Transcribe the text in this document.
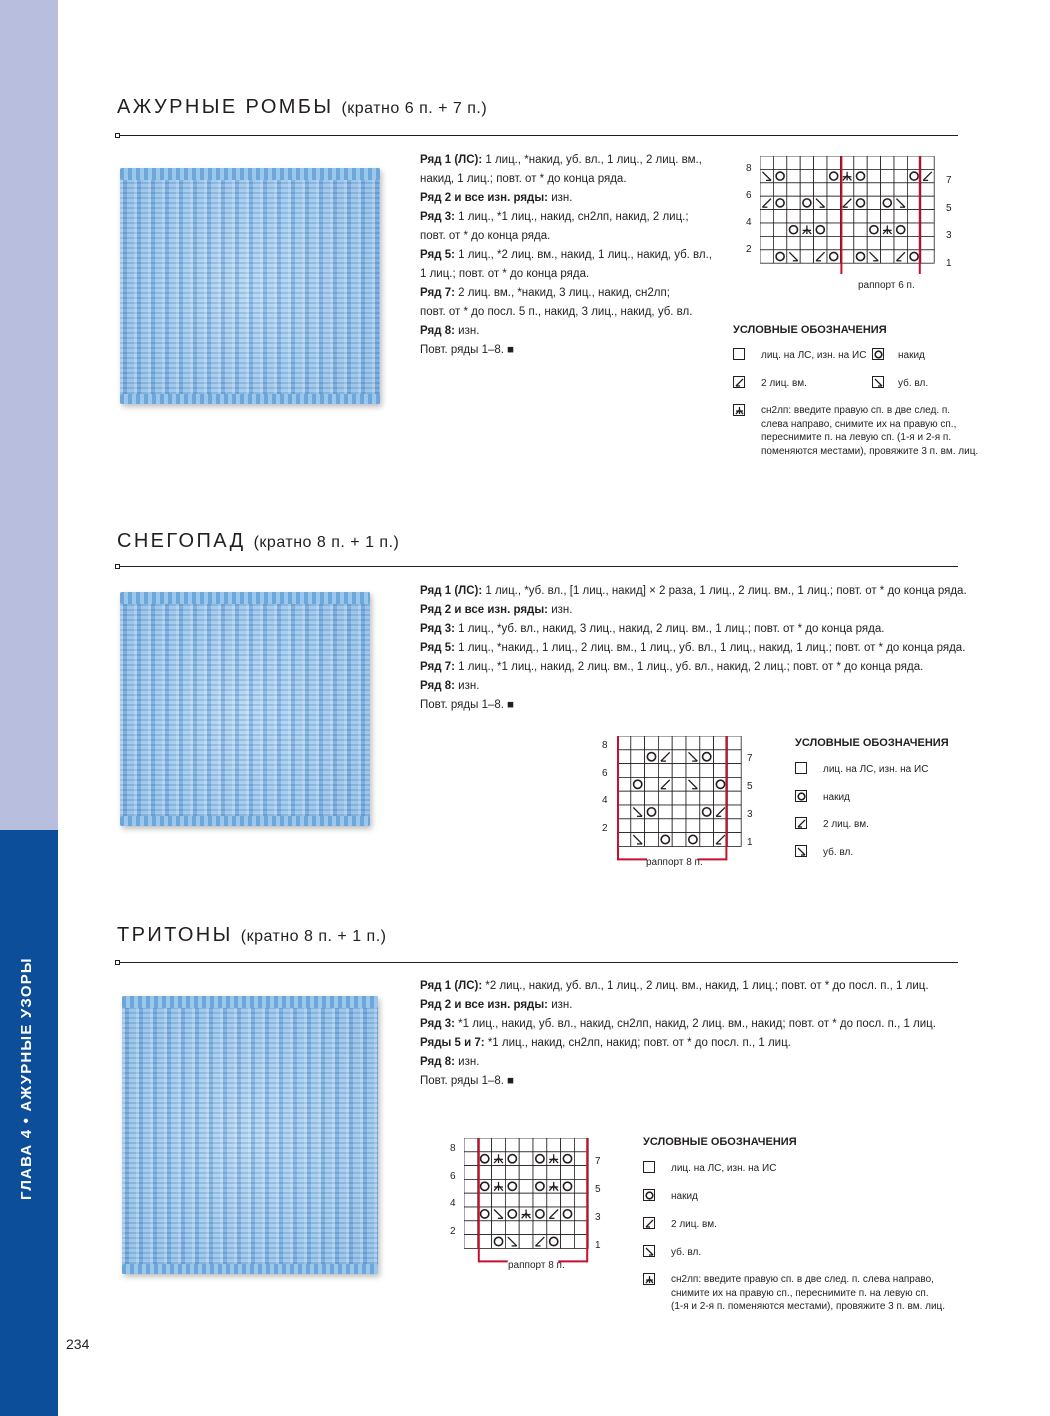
ГЛАВА 4 • АЖУРНЫЕ УЗОРЫ
234
АЖУРНЫЕ РОМБЫ (кратно 6 п. + 7 п.)
Ряд 1 (ЛС): 1 лиц., *накид, уб. вл., 1 лиц., 2 лиц. вм.,
накид, 1 лиц.; повт. от * до конца ряда.
Ряд 2 и все изн. ряды: изн.
Ряд 3: 1 лиц., *1 лиц., накид, сн2лп, накид, 2 лиц.;
повт. от * до конца ряда.
Ряд 5: 1 лиц., *2 лиц. вм., накид, 1 лиц., накид, уб. вл.,
1 лиц.; повт. от * до конца ряда.
Ряд 7: 2 лиц. вм., *накид, 3 лиц., накид, сн2лп;
повт. от * до посл. 5 п., накид, 3 лиц., накид, уб. вл.
Ряд 8: изн.
Повт. ряды 1–8. ■
8
6
4
2
7
5
3
1
раппорт 6 п.
УСЛОВНЫЕ ОБОЗНАЧЕНИЯ
лиц. на ЛС, изн. на ИС	накид
2 лиц. вм.	уб. вл.
сн2лп: введите правую сп. в две след. п.
слева направо, снимите их на правую сп.,
переснимите п. на левую сп. (1-я и 2-я п.
поменяются местами), провяжите 3 п. вм. лиц.
СНЕГОПАД (кратно 8 п. + 1 п.)
Ряд 1 (ЛС): 1 лиц., *уб. вл., [1 лиц., накид] × 2 раза, 1 лиц., 2 лиц. вм., 1 лиц.; повт. от * до конца ряда.
Ряд 2 и все изн. ряды: изн.
Ряд 3: 1 лиц., *уб. вл., накид, 3 лиц., накид, 2 лиц. вм., 1 лиц.; повт. от * до конца ряда.
Ряд 5: 1 лиц., *накид., 1 лиц., 2 лиц. вм., 1 лиц., уб. вл., 1 лиц., накид, 1 лиц.; повт. от * до конца ряда.
Ряд 7: 1 лиц., *1 лиц., накид, 2 лиц. вм., 1 лиц., уб. вл., накид, 2 лиц.; повт. от * до конца ряда.
Ряд 8: изн.
Повт. ряды 1–8. ■
8
6
4
2
7
5
3
1
раппорт 8 п.
УСЛОВНЫЕ ОБОЗНАЧЕНИЯ
лиц. на ЛС, изн. на ИС
накид
2 лиц. вм.
уб. вл.
ТРИТОНЫ (кратно 8 п. + 1 п.)
Ряд 1 (ЛС): *2 лиц., накид, уб. вл., 1 лиц., 2 лиц. вм., накид, 1 лиц.; повт. от * до посл. п., 1 лиц.
Ряд 2 и все изн. ряды: изн.
Ряд 3: *1 лиц., накид, уб. вл., накид, сн2лп, накид, 2 лиц. вм., накид; повт. от * до посл. п., 1 лиц.
Ряды 5 и 7: *1 лиц., накид, сн2лп, накид; повт. от * до посл. п., 1 лиц.
Ряд 8: изн.
Повт. ряды 1–8. ■
8
6
4
2
7
5
3
1
раппорт 8 п.
УСЛОВНЫЕ ОБОЗНАЧЕНИЯ
лиц. на ЛС, изн. на ИС
накид
2 лиц. вм.
уб. вл.
сн2лп: введите правую сп. в две след. п. слева направо,
снимите их на правую сп., переснимите п. на левую сп.
(1-я и 2-я п. поменяются местами), провяжите 3 п. вм. лиц.
